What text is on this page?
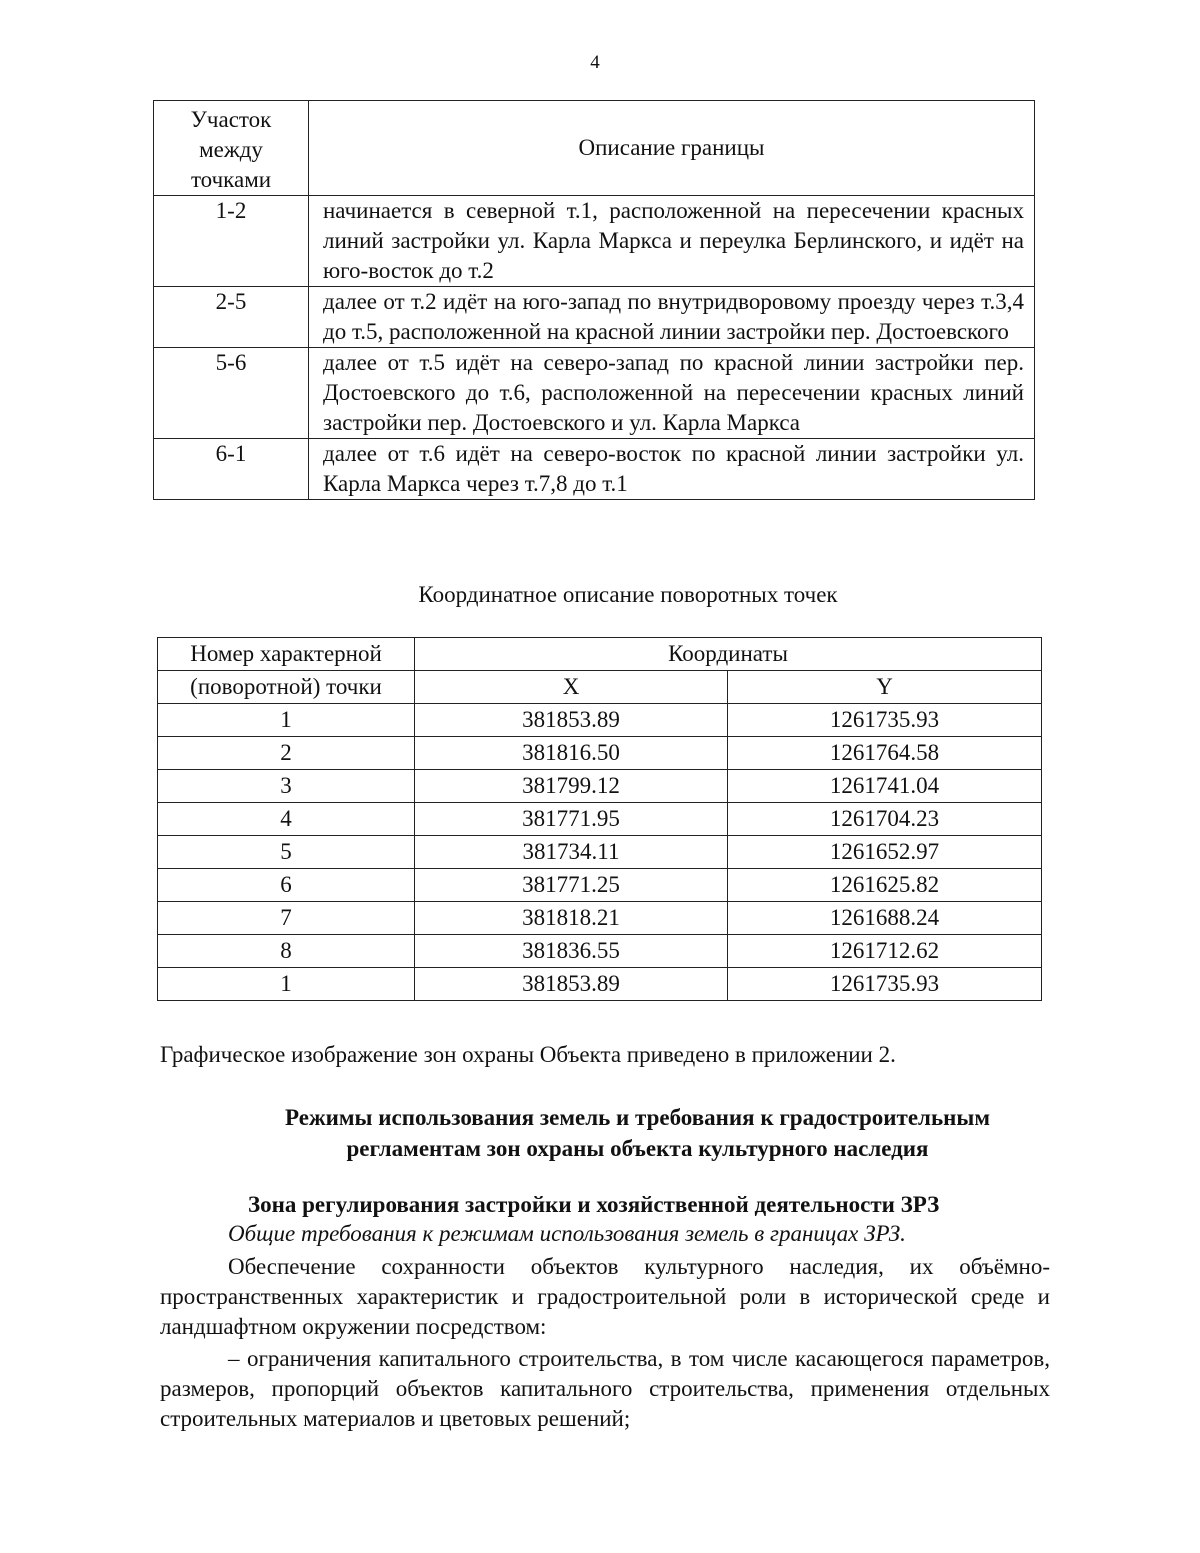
4
Участок
между
точками	Описание границы
1-2	начинается в северной т.1, расположенной на пересечении красных линий застройки ул. Карла Маркса и переулка Берлинского, и идёт на юго-восток до т.2
2-5	далее от т.2 идёт на юго-запад по внутридворовому проезду через т.3,4 до т.5, расположенной на красной линии застройки пер. Достоевского
5-6	далее от т.5 идёт на северо-запад по красной линии застройки пер. Достоевского до т.6, расположенной на пересечении красных линий застройки пер. Достоевского и ул. Карла Маркса
6-1	далее от т.6 идёт на северо-восток по красной линии застройки ул. Карла Маркса через т.7,8 до т.1
Координатное описание поворотных точек
Номер характерной	Координаты	
(поворотной) точки	X	Y
1	381853.89	1261735.93
2	381816.50	1261764.58
3	381799.12	1261741.04
4	381771.95	1261704.23
5	381734.11	1261652.97
6	381771.25	1261625.82
7	381818.21	1261688.24
8	381836.55	1261712.62
1	381853.89	1261735.93
Графическое изображение зон охраны Объекта приведено в приложении 2.
Режимы использования земель и требования к градостроительным
регламентам зон охраны объекта культурного наследия
Зона регулирования застройки и хозяйственной деятельности ЗРЗ
Общие требования к режимам использования земель в границах ЗРЗ.
Обеспечение сохранности объектов культурного наследия, их объёмно-пространственных характеристик и градостроительной роли в исторической среде и ландшафтном окружении посредством:
– ограничения капитального строительства, в том числе касающегося параметров, размеров, пропорций объектов капитального строительства, применения отдельных строительных материалов и цветовых решений;
